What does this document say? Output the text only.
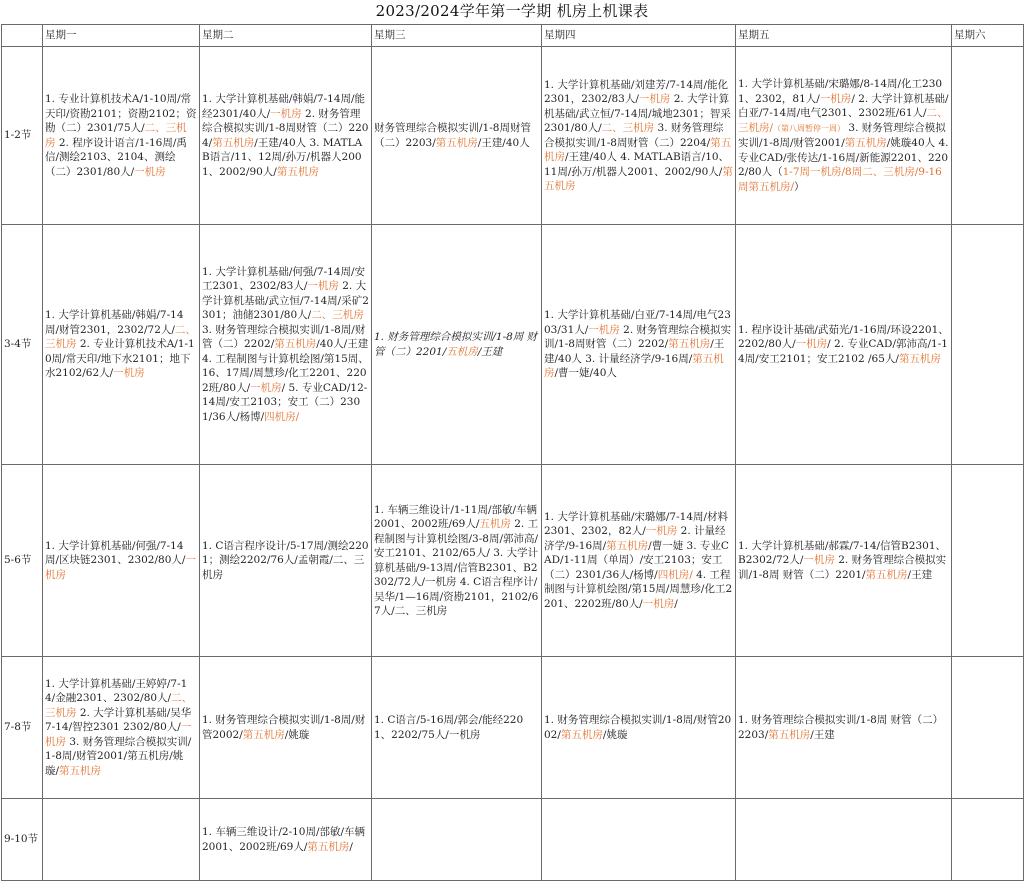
2023/2024学年第一学期 机房上机课表
	星期一	星期二	星期三	星期四	星期五	星期六
1-2节	1. 专业计算机技术A/1-10周/常天印/资勘2101；资勘2102；资勘（二）2301/75人/二、三机房 2. 程序设计语言/1-16周/禹信/测绘2103、2104、测绘（二）2301/80人/一机房	1. 大学计算机基础/韩娟/7-14周/能经2301/40人/一机房 2. 财务管理综合模拟实训/1-8周财管（二）2204/第五机房/王建/40人 3. MATLAB语言/11、12周/孙万/机器人2001、2002/90人/第五机房	财务管理综合模拟实训/1-8周财管（二）2203/第五机房/王建/40人	1. 大学计算机基础/刘建芳/7-14周/能化2301，2302/83人/一机房 2. 大学计算机基础/武立恒/7-14周/城地2301；智采2301/80人/二、三机房 3. 财务管理综合模拟实训/1-8周财管（二）2204/第五机房/王建/40人 4. MATLAB语言/10、11周/孙万/机器人2001、2002/90人/第五机房	1. 大学计算机基础/宋璐娜/8-14周/化工2301、2302，81人/一机房/ 2. 大学计算机基础/白亚/7-14周/电气2301、2302班/61人/二、三机房/（第八周暂停一周） 3. 财务管理综合模拟实训/1-8周/财管2001/第五机房/姚璇40人 4. 专业CAD/张传达/1-16周/新能源2201、2202/80人（1-7周一机房/8周二、三机房/9-16周第五机房/）	

3-4节	1. 大学计算机基础/韩娟/7-14周/财管2301，2302/72人/二、三机房 2. 专业计算机技术A/1-10周/常天印/地下水2101；地下水2102/62人/一机房	1. 大学计算机基础/何强/7-14周/安工2301、2302/83人/一机房 2. 大学计算机基础/武立恒/7-14周/采矿2301；油储2301/80人/二、三机房 3. 财务管理综合模拟实训/1-8周/财管（二）2202/第五机房/40人/王建 4. 工程制图与计算机绘图/第15周、16、17周/周慧珍/化工2201、2202班/80人/一机房/ 5. 专业CAD/12-14周/安工2103；安工（二）2301/36人/杨博/四机房/	1. 财务管理综合模拟实训/1-8周 财管（二）2201/五机房/王建	1. 大学计算机基础/白亚/7-14周/电气2303/31人/一机房 2. 财务管理综合模拟实训/1-8周财管（二）2202/第五机房/王建/40人 3. 计量经济学/9-16周/第五机房/曹一婕/40人	1. 程序设计基础/武茹光/1-16周/环设2201、2202/80人/一机房/ 2. 专业CAD/郭沛高/1-14周/安工2101；安工2102 /65人/第五机房	

5-6节	1. 大学计算机基础/何强/7-14周/区块链2301、2302/80人/一机房	1. C语言程序设计/5-17周/测绘2201；测绘2202/76人/孟朝霞/二、三机房	1. 车辆三维设计/1-11周/部敏/车辆2001、2002班/69人/五机房 2. 工程制图与计算机绘图/3-8周/郭沛高/安工2101、2102/65人/ 3. 大学计算机基础/9-13周/信管B2301、B2302/72人/一机房 4. C语言程序计/吴华/1—16周/资勘2101，2102/67人/二、三机房	1. 大学计算机基础/宋璐娜/7-14周/材料2301、2302，82人/一机房 2. 计量经济学/9-16周/第五机房/曹一婕 3. 专业CAD/1-11周（单周）/安工2103；安工（二）2301/36人/杨博/四机房/ 4. 工程制图与计算机绘图/第15周/周慧珍/化工2201、2202班/80人/一机房/	1. 大学计算机基础/郝霖/7-14/信管B2301、B2302/72人/一机房 2. 财务管理综合模拟实训/1-8周 财管（二）2201/第五机房/王建	

7-8节	1. 大学计算机基础/王婷婷/7-14/金融2301、2302/80人/二、三机房 2. 大学计算机基础/吴华7-14/智控2301 2302/80人/一机房 3. 财务管理综合模拟实训/1-8周/财管2001/第五机房/姚璇/第五机房	1. 财务管理综合模拟实训/1-8周/财管2002/第五机房/姚璇	1. C语言/5-16周/郭会/能经2201、2202/75人/一机房	1. 财务管理综合模拟实训/1-8周/财管2002/第五机房/姚璇	1. 财务管理综合模拟实训/1-8周 财管（二）2203/第五机房/王建	

9-10节		1. 车辆三维设计/2-10周/部敏/车辆2001、2002班/69人/第五机房/				
